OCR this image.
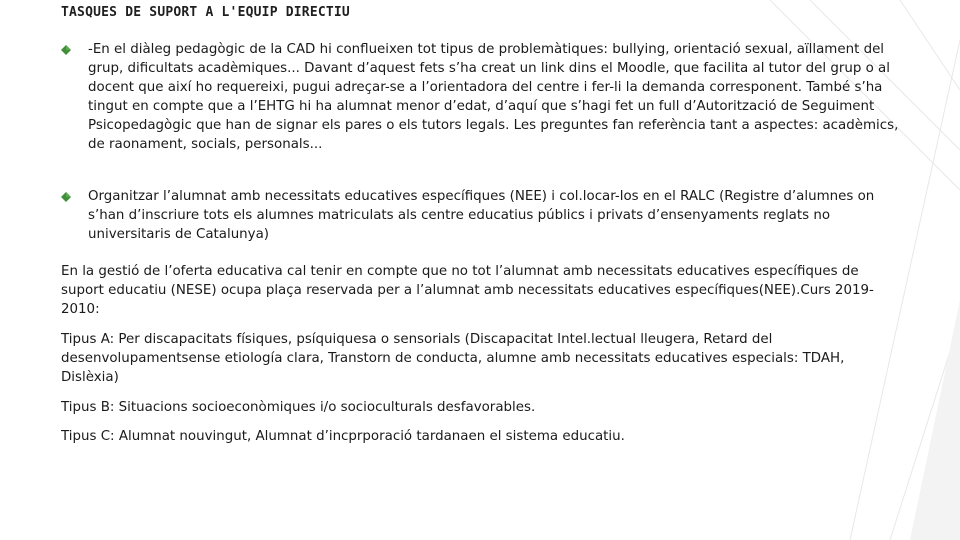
TASQUES DE SUPORT A L'EQUIP DIRECTIU
-En el diàleg pedagògic de la CAD hi conflueixen tot tipus de problemàtiques: bullying, orientació sexual, aïllament del grup, dificultats acadèmiques... Davant d’aquest fets s’ha creat un link dins el Moodle, que facilita al tutor del grup o al docent que així ho requereixi, pugui adreçar-se a l’orientadora del centre i fer-li la demanda corresponent. També s’ha tingut en compte que a l’EHTG hi ha alumnat menor d’edat, d’aquí que s’hagi fet un full d’Autorització de Seguiment Psicopedagògic que han de signar els pares o els tutors legals. Les preguntes fan referència tant a aspectes: acadèmics, de raonament, socials, personals...
Organitzar l’alumnat amb necessitats educatives específiques (NEE) i col.locar-los en el RALC (Registre d’alumnes on s’han d’inscriure tots els alumnes matriculats als centre educatius públics i privats d’ensenyaments reglats no universitaris de Catalunya)

En la gestió de l’oferta educativa cal tenir en compte que no tot l’alumnat amb necessitats educatives específiques de suport educatiu (NESE) ocupa plaça reservada per a l’alumnat amb necessitats educatives específiques(NEE).Curs 2019-2010:

Tipus A: Per discapacitats físiques, psíquiquesa o sensorials (Discapacitat Intel.lectual lleugera, Retard del desenvolupamentsense etiología clara, Transtorn de conducta, alumne amb necessitats educatives especials: TDAH, Dislèxia)

Tipus B: Situacions socioeconòmiques i/o socioculturals desfavorables.

Tipus C: Alumnat nouvingut, Alumnat d’incprporació tardanaen el sistema educatiu.
